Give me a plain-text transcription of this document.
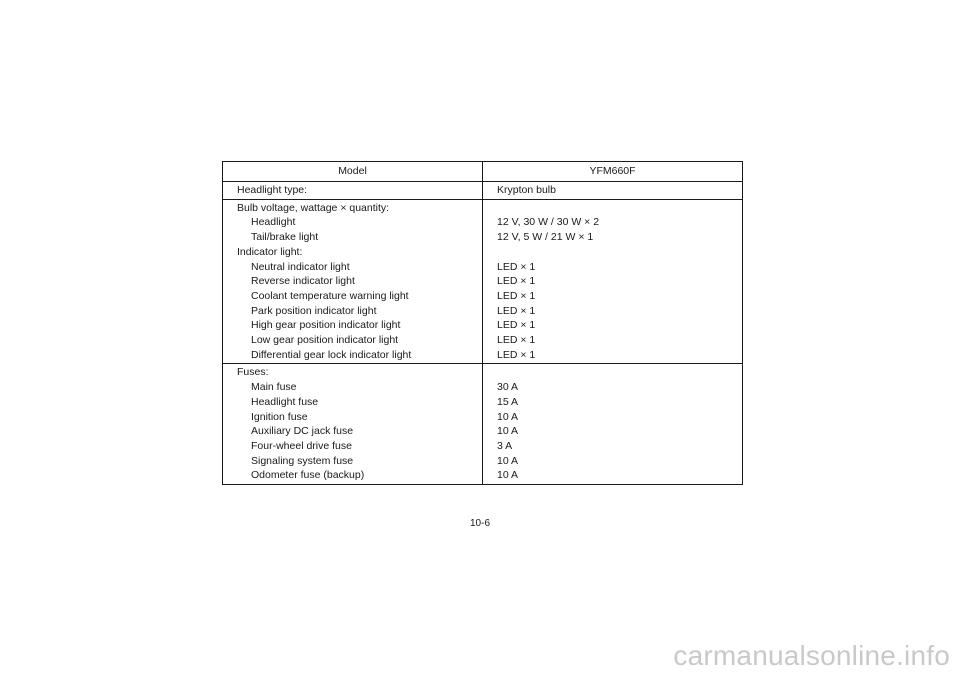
Model	YFM660F
Headlight type:	Krypton bulb
Bulb voltage, wattage × quantity:	
Headlight	12 V, 30 W / 30 W × 2
Tail/brake light	12 V, 5 W / 21 W × 1
Indicator light:	
Neutral indicator light	LED × 1
Reverse indicator light	LED × 1
Coolant temperature warning light	LED × 1
Park position indicator light	LED × 1
High gear position indicator light	LED × 1
Low gear position indicator light	LED × 1
Differential gear lock indicator light	LED × 1
Fuses:	
Main fuse	30 A
Headlight fuse	15 A
Ignition fuse	10 A
Auxiliary DC jack fuse	10 A
Four-wheel drive fuse	3 A
Signaling system fuse	10 A
Odometer fuse (backup)	10 A
10-6
carmanualsonline.info
